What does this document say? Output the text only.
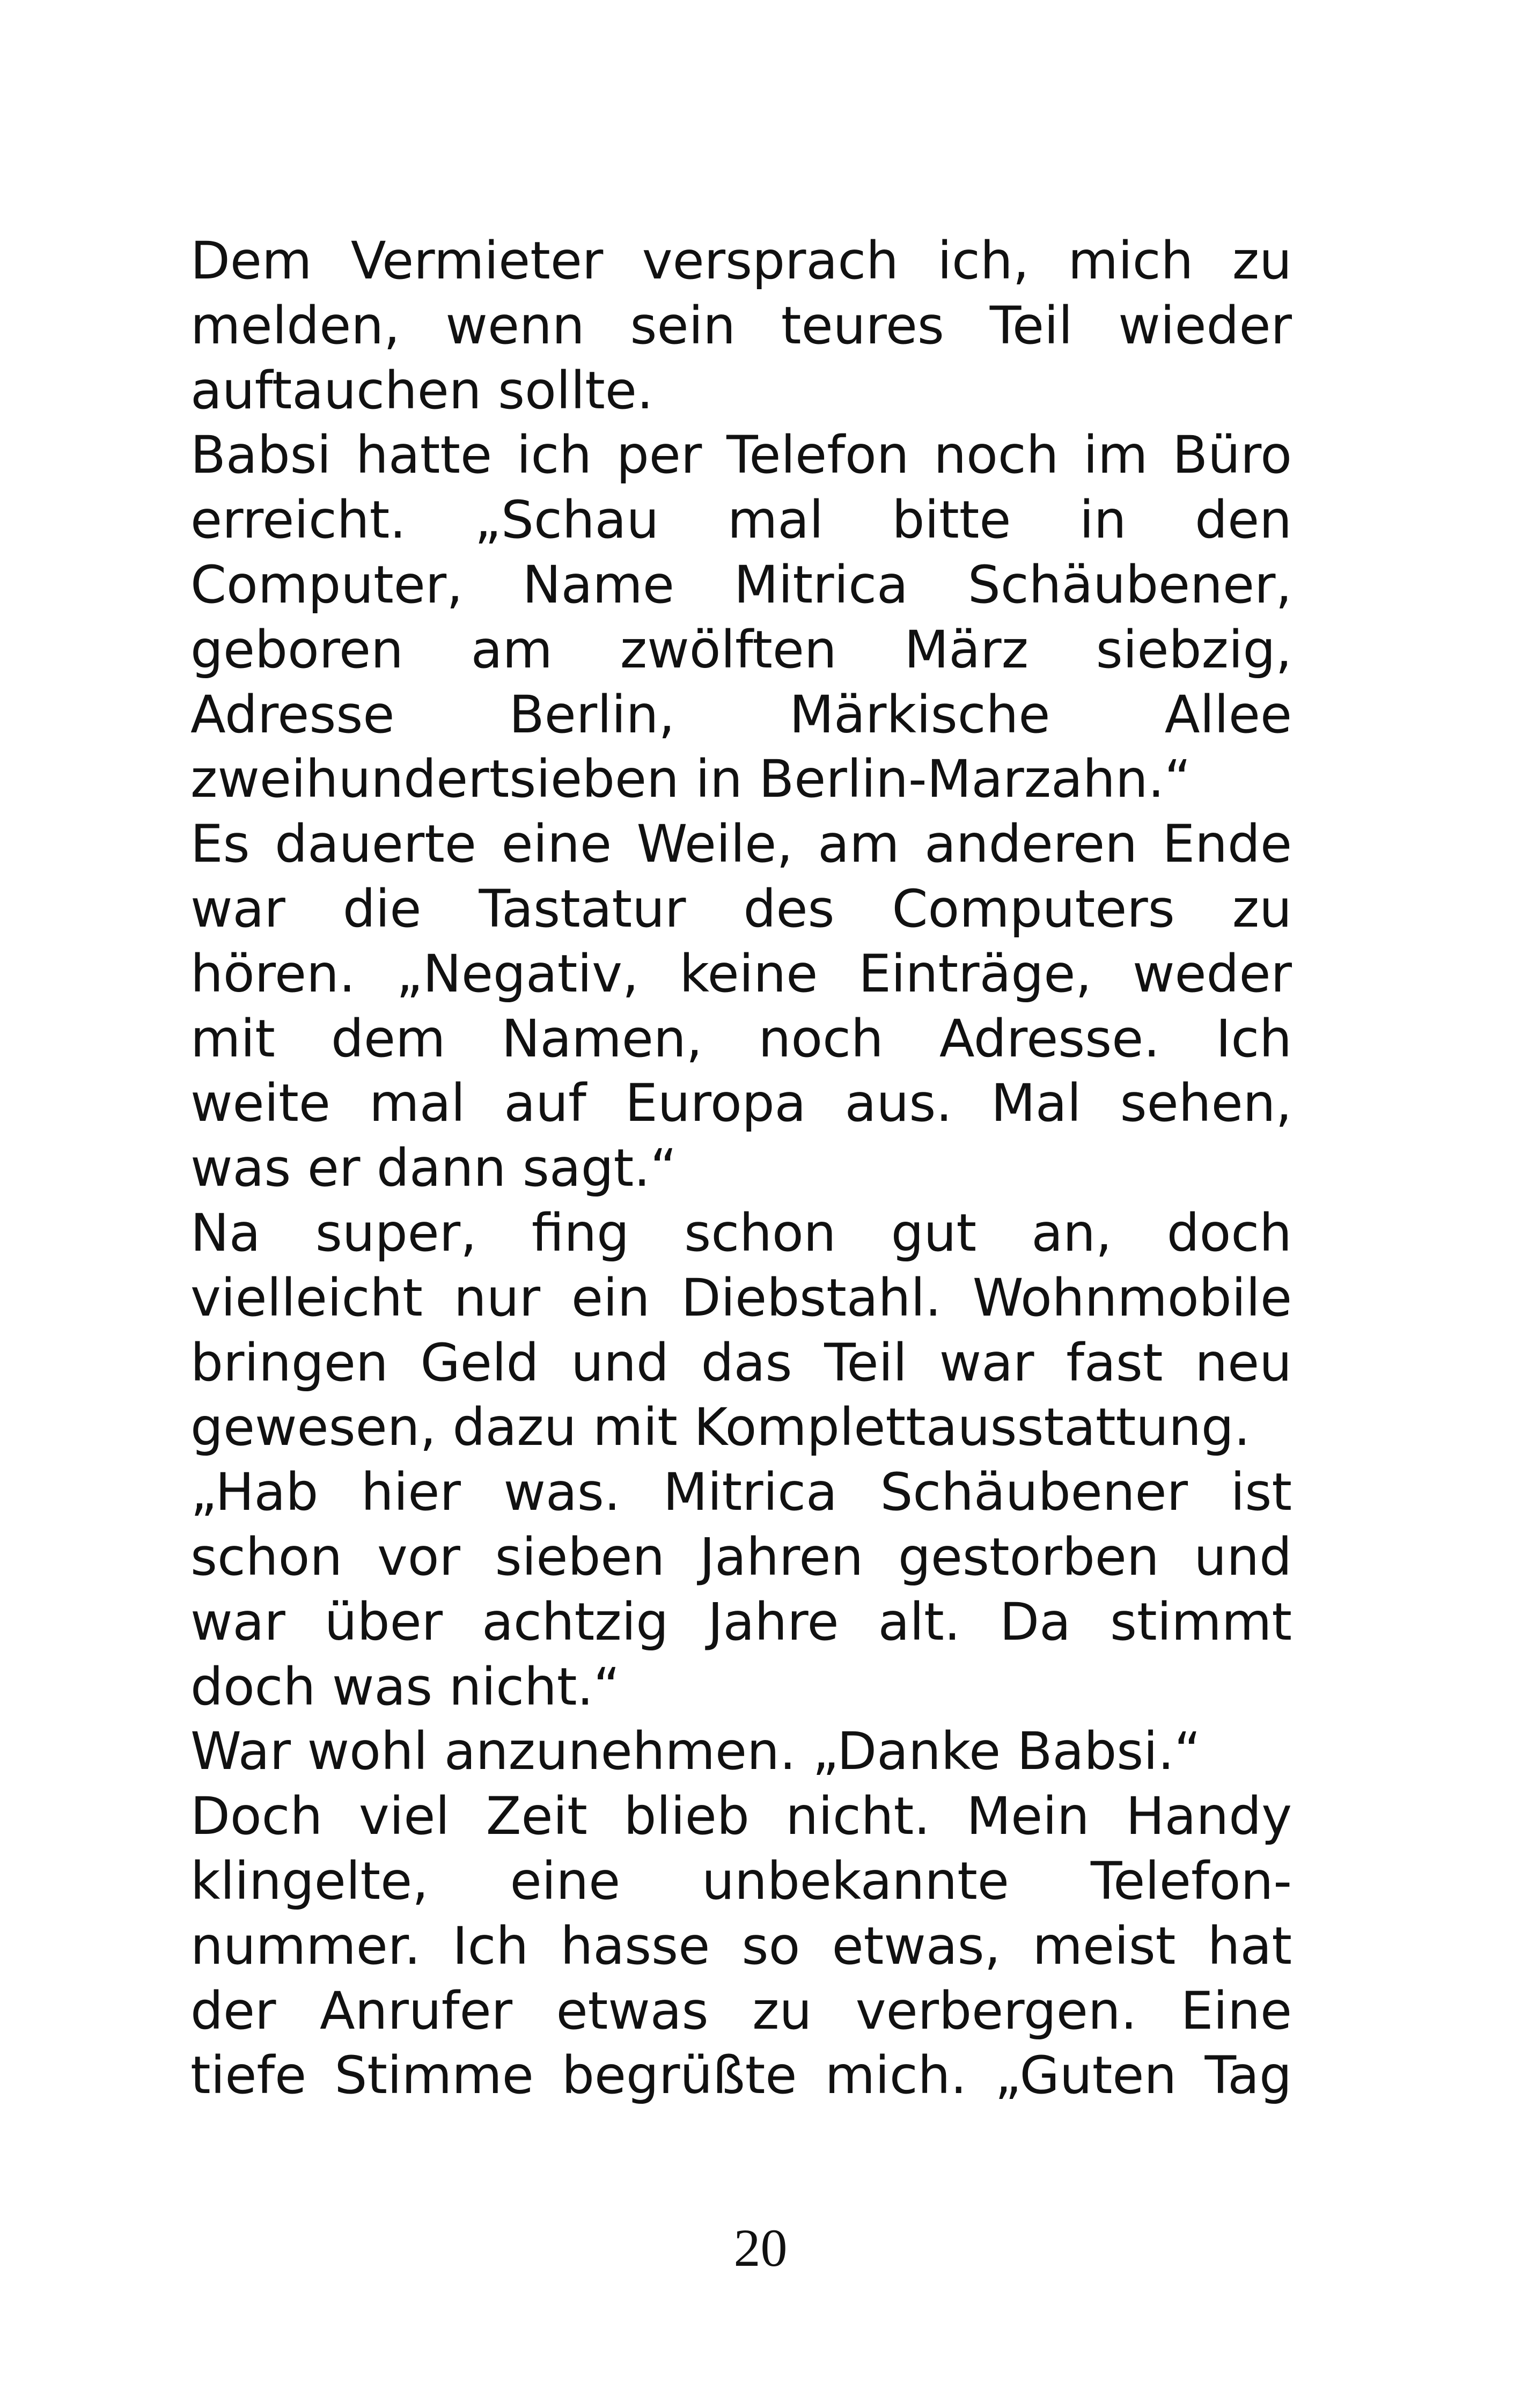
Dem Vermieter versprach ich, mich zu
melden, wenn sein teures Teil wieder
auftauchen sollte.
Babsi hatte ich per Telefon noch im Büro
erreicht. „Schau mal bitte in den
Computer, Name Mitrica Schäubener,
geboren am zwölften März siebzig,
Adresse Berlin, Märkische Allee
zweihundertsieben in Berlin-Marzahn.“
Es dauerte eine Weile, am anderen Ende
war die Tastatur des Computers zu
hören. „Negativ, keine Einträge, weder
mit dem Namen, noch Adresse. Ich
weite mal auf Europa aus. Mal sehen,
was er dann sagt.“
Na super, fing schon gut an, doch
vielleicht nur ein Diebstahl. Wohnmobile
bringen Geld und das Teil war fast neu
gewesen, dazu mit Komplettausstattung.
„Hab hier was. Mitrica Schäubener ist
schon vor sieben Jahren gestorben und
war über achtzig Jahre alt. Da stimmt
doch was nicht.“
War wohl anzunehmen. „Danke Babsi.“
Doch viel Zeit blieb nicht. Mein Handy
klingelte, eine unbekannte Telefon-
nummer. Ich hasse so etwas, meist hat
der Anrufer etwas zu verbergen. Eine
tiefe Stimme begrüßte mich. „Guten Tag
20
